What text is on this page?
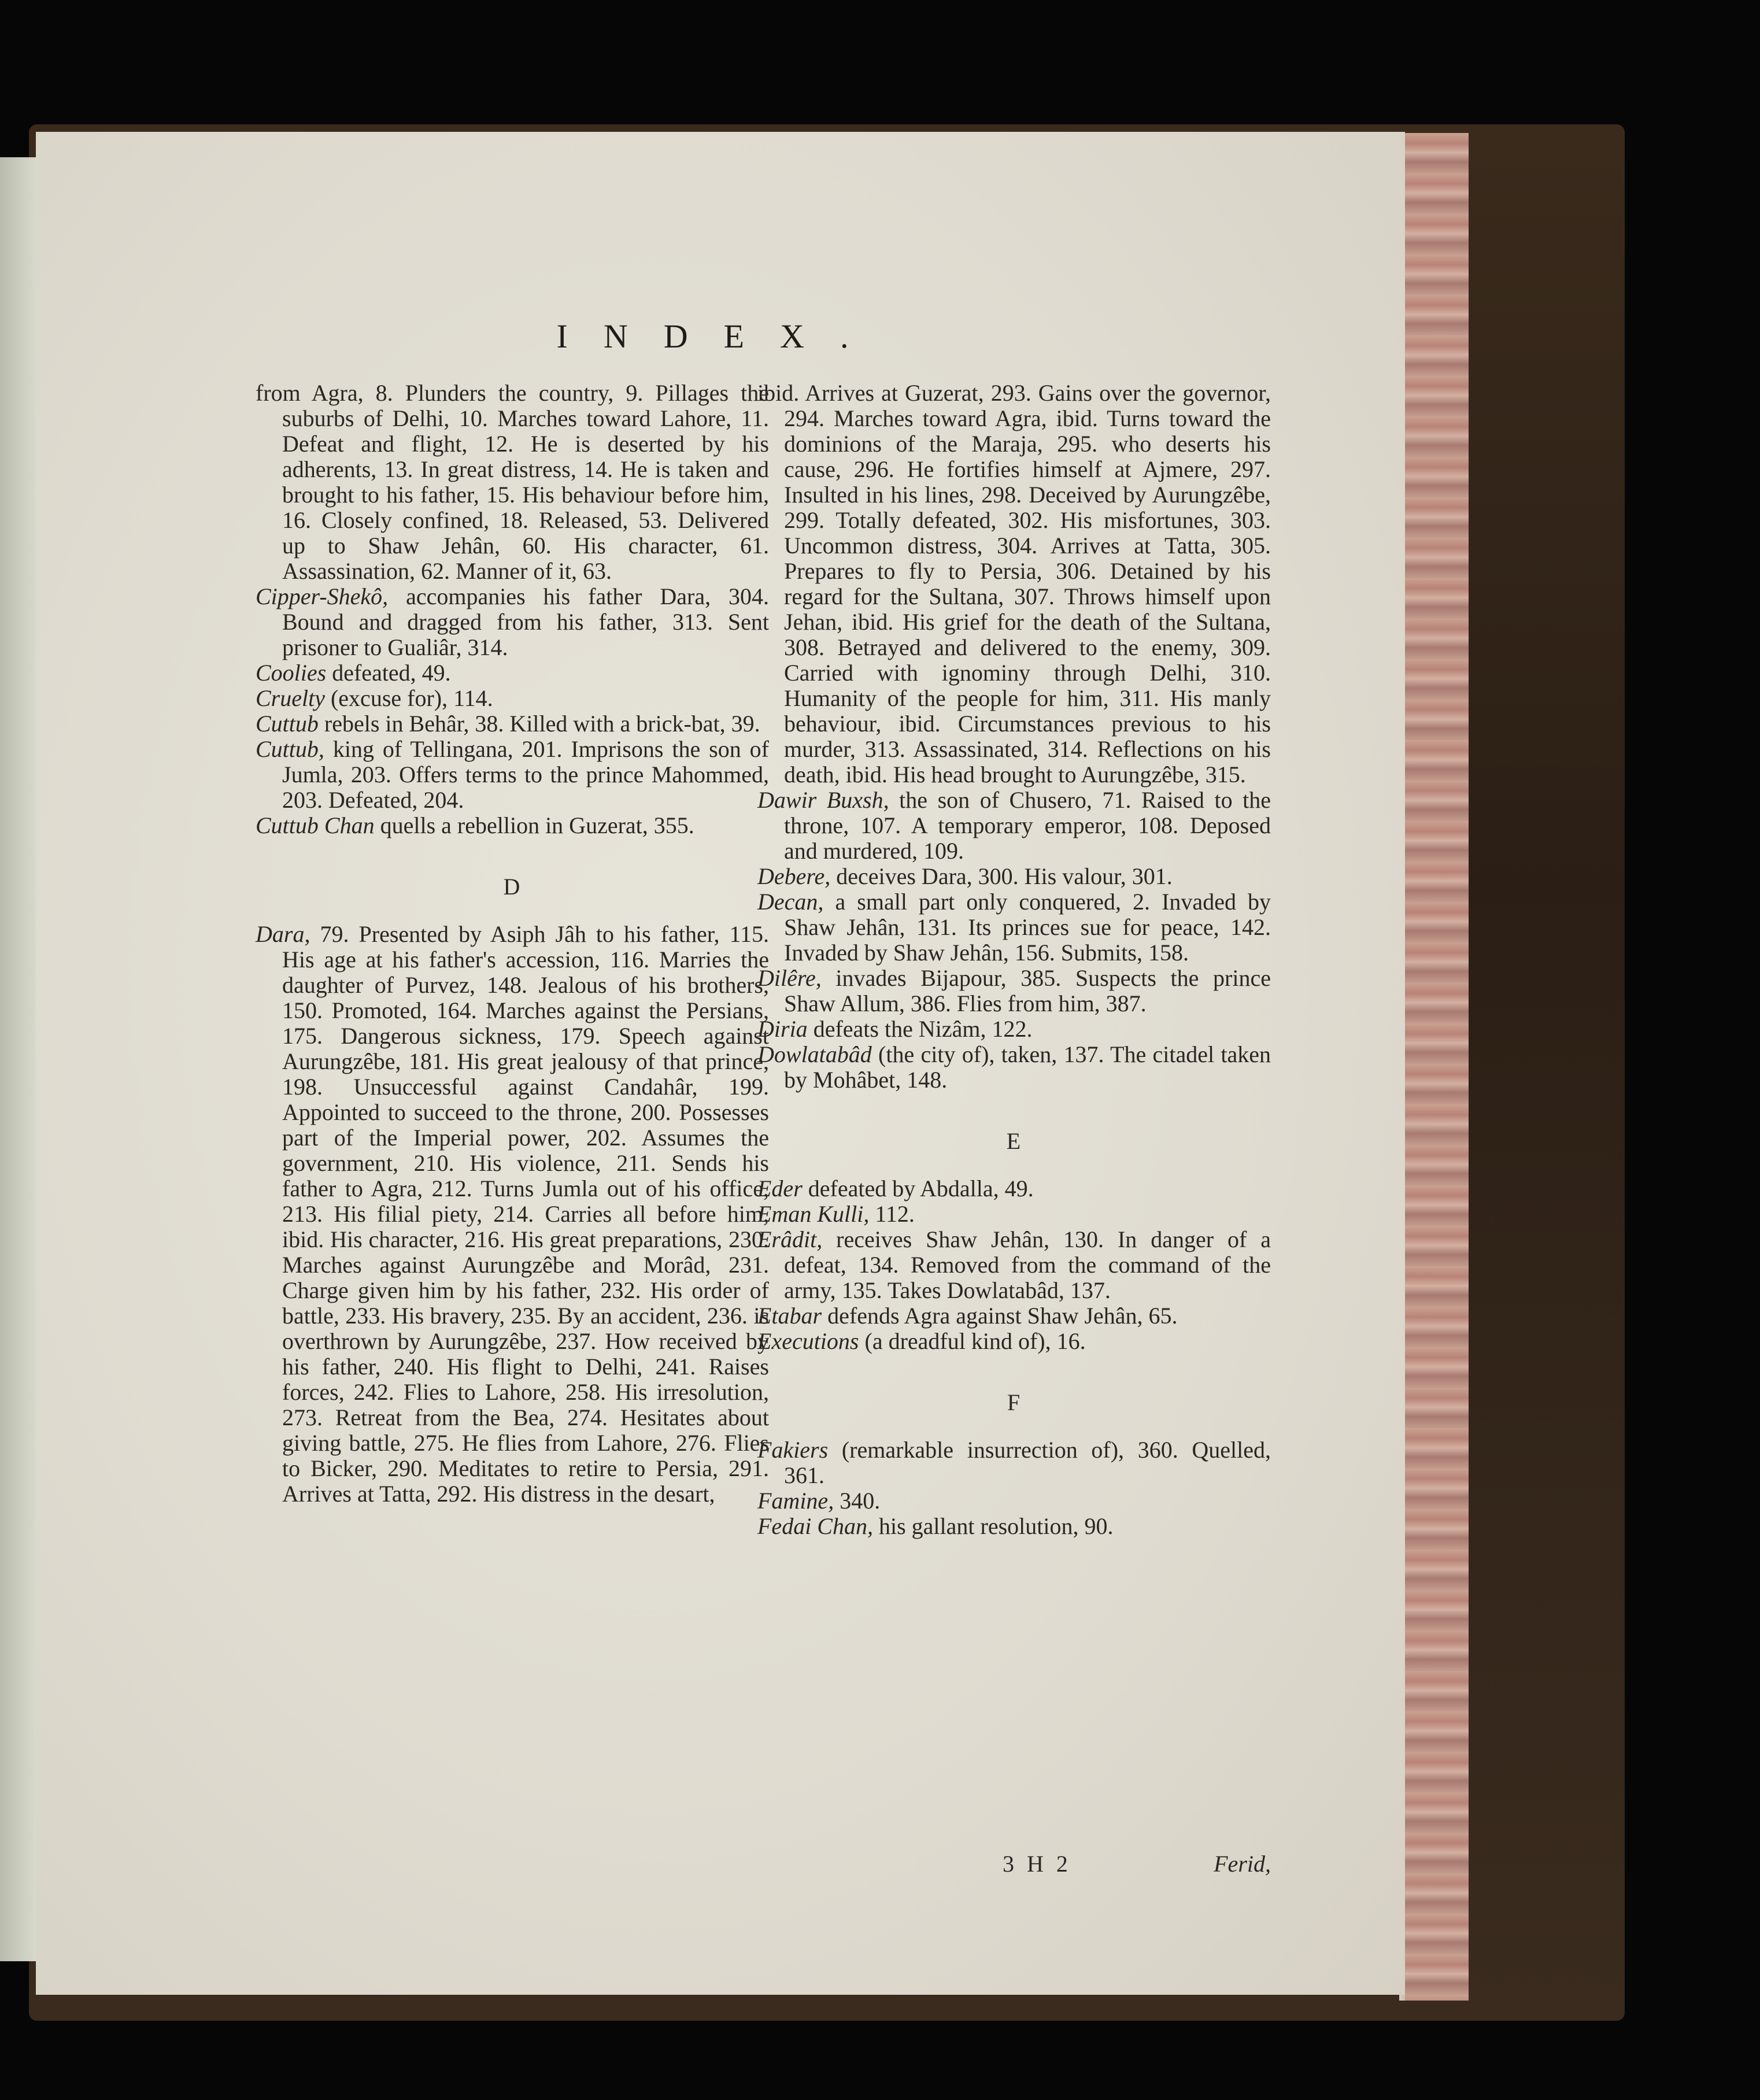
INDEX.

from Agra, 8. Plunders the country, 9. Pillages the suburbs of Delhi, 10. Marches toward Lahore, 11. Defeat and flight, 12. He is deserted by his adherents, 13. In great distress, 14. He is taken and brought to his father, 15. His behaviour before him, 16. Closely confined, 18. Released, 53. Delivered up to Shaw Jehân, 60. His character, 61. Assassination, 62. Manner of it, 63.

Cipper-Shekô, accompanies his father Dara, 304. Bound and dragged from his father, 313. Sent prisoner to Gualiâr, 314.

Coolies defeated, 49.

Cruelty (excuse for), 114.

Cuttub rebels in Behâr, 38. Killed with a brick-bat, 39.

Cuttub, king of Tellingana, 201. Imprisons the son of Jumla, 203. Offers terms to the prince Mahommed, 203. Defeated, 204.

Cuttub Chan quells a rebellion in Guzerat, 355.

D

Dara, 79. Presented by Asiph Jâh to his father, 115. His age at his father's accession, 116. Marries the daughter of Purvez, 148. Jealous of his brothers, 150. Promoted, 164. Marches against the Persians, 175. Dangerous sickness, 179. Speech against Aurungzêbe, 181. His great jealousy of that prince, 198. Unsuccessful against Candahâr, 199. Appointed to succeed to the throne, 200. Possesses part of the Imperial power, 202. Assumes the government, 210. His violence, 211. Sends his father to Agra, 212. Turns Jumla out of his office, 213. His filial piety, 214. Carries all before him, ibid. His character, 216. His great preparations, 230. Marches against Aurungzêbe and Morâd, 231. Charge given him by his father, 232. His order of battle, 233. His bravery, 235. By an accident, 236. is overthrown by Aurungzêbe, 237. How received by his father, 240. His flight to Delhi, 241. Raises forces, 242. Flies to Lahore, 258. His irresolution, 273. Retreat from the Bea, 274. Hesitates about giving battle, 275. He flies from Lahore, 276. Flies to Bicker, 290. Meditates to retire to Persia, 291. Arrives at Tatta, 292. His distress in the desart,

ibid. Arrives at Guzerat, 293. Gains over the governor, 294. Marches toward Agra, ibid. Turns toward the dominions of the Maraja, 295. who deserts his cause, 296. He fortifies himself at Ajmere, 297. Insulted in his lines, 298. Deceived by Aurungzêbe, 299. Totally defeated, 302. His misfortunes, 303. Uncommon distress, 304. Arrives at Tatta, 305. Prepares to fly to Persia, 306. Detained by his regard for the Sultana, 307. Throws himself upon Jehan, ibid. His grief for the death of the Sultana, 308. Betrayed and delivered to the enemy, 309. Carried with ignominy through Delhi, 310. Humanity of the people for him, 311. His manly behaviour, ibid. Circumstances previous to his murder, 313. Assassinated, 314. Reflections on his death, ibid. His head brought to Aurungzêbe, 315.

Dawir Buxsh, the son of Chusero, 71. Raised to the throne, 107. A temporary emperor, 108. Deposed and murdered, 109.

Debere, deceives Dara, 300. His valour, 301.

Decan, a small part only conquered, 2. Invaded by Shaw Jehân, 131. Its princes sue for peace, 142. Invaded by Shaw Jehân, 156. Submits, 158.

Dilêre, invades Bijapour, 385. Suspects the prince Shaw Allum, 386. Flies from him, 387.

Diria defeats the Nizâm, 122.

Dowlatabâd (the city of), taken, 137. The citadel taken by Mohâbet, 148.

E

Eder defeated by Abdalla, 49.

Eman Kulli, 112.

Erâdit, receives Shaw Jehân, 130. In danger of a defeat, 134. Removed from the command of the army, 135. Takes Dowlatabâd, 137.

Etabar defends Agra against Shaw Jehân, 65.

Executions (a dreadful kind of), 16.

F

Fakiers (remarkable insurrection of), 360. Quelled, 361.

Famine, 340.

Fedai Chan, his gallant resolution, 90.

3 H 2	Ferid,
